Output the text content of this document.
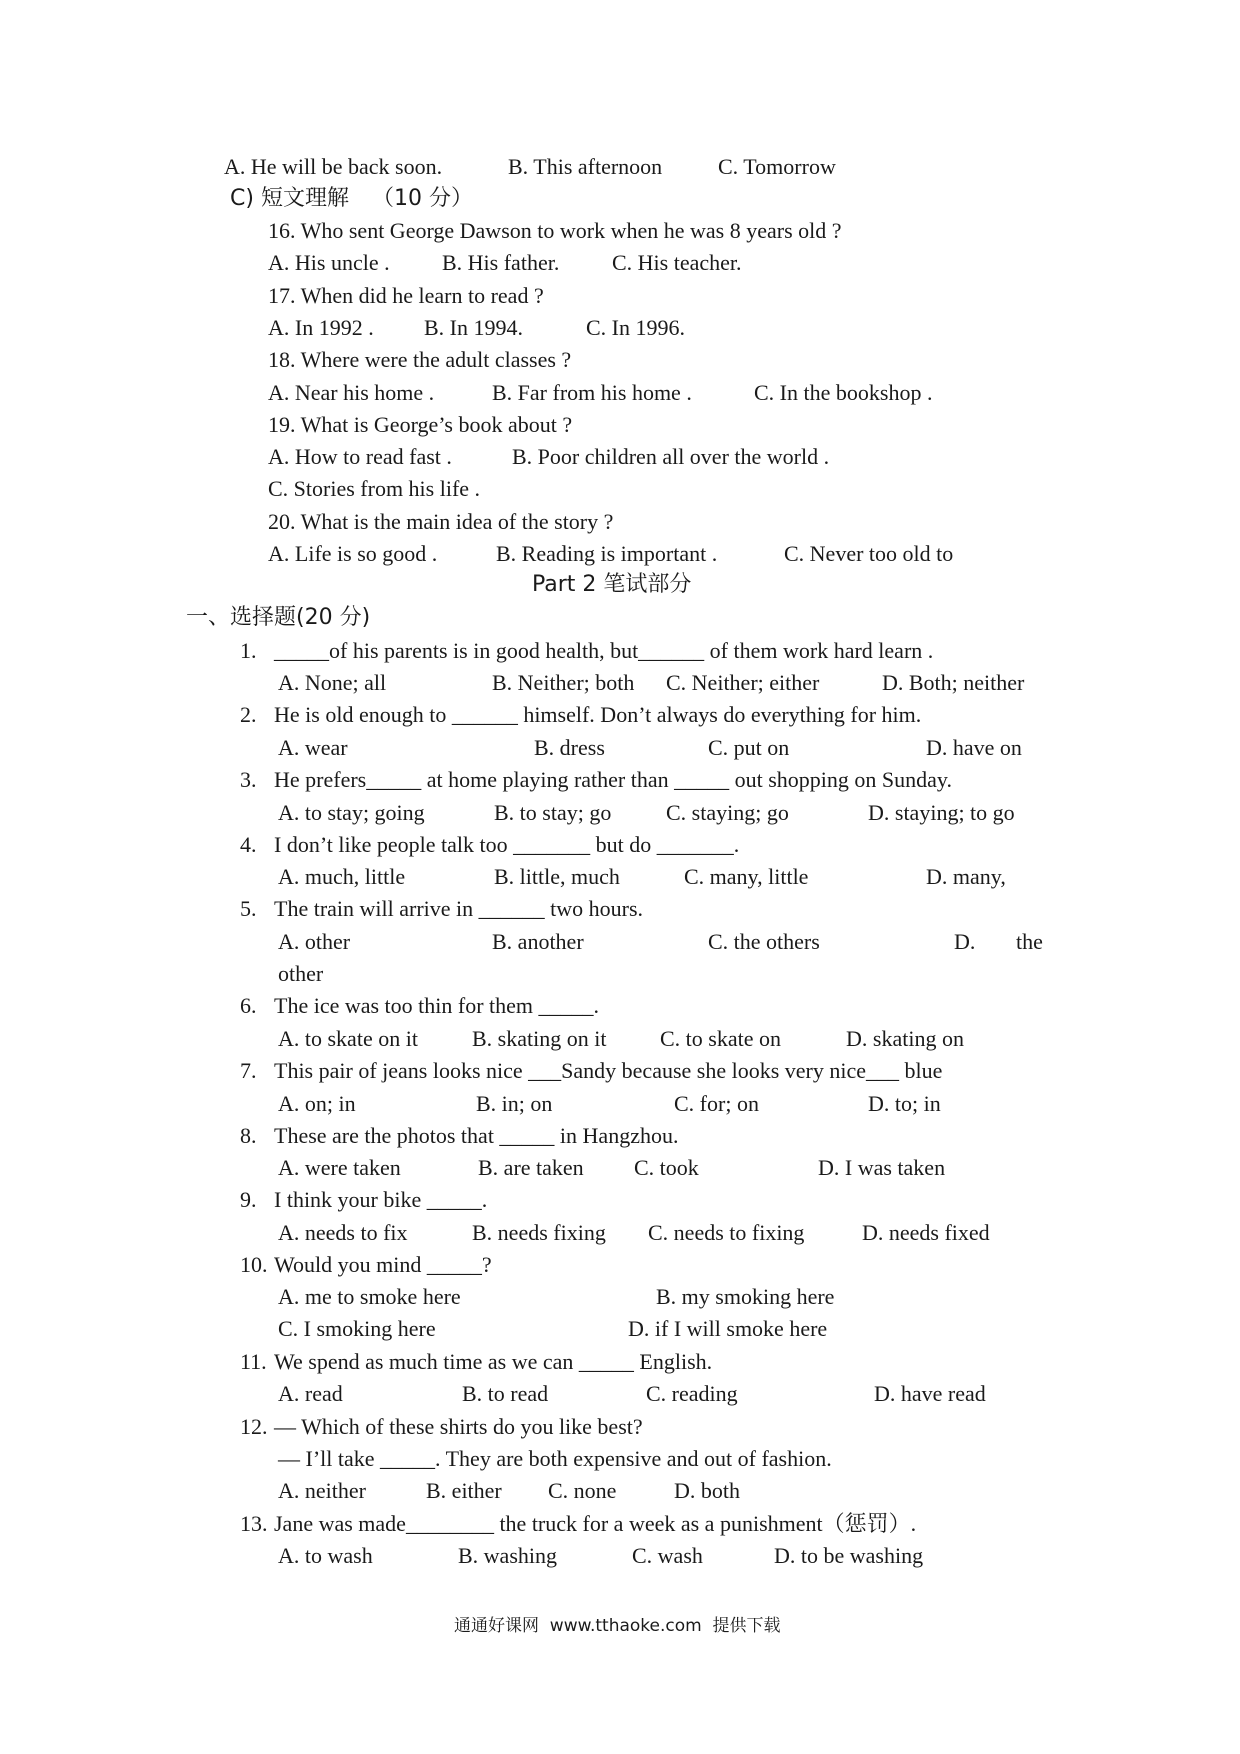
A. He will be back soon.	B. This afternoon	C. Tomorrow
C) 短文理解 （10 分）
16. Who sent George Dawson to work when he was 8 years old ?
A. His uncle . B. His father. C. His teacher.
17. When did he learn to read ?
A. In 1992 . B. In 1994.	C. In 1996.
18. Where were the adult classes ?
A. Near his home .	B. Far from his home .	C. In the bookshop .
19. What is George’s book about ?
A. How to read fast .	B. Poor children all over the world .
C. Stories from his life .
20. What is the main idea of the story ?
A. Life is so good .	B. Reading is important .	C. Never too old to
Part 2 笔试部分
一、选择题(20 分)
1. _____of his parents is in good health, but______ of them work hard learn .
A. None; all	B. Neither; both C. Neither; either	D. Both; neither
2. He is old enough to ______ himself. Don’t always do everything for him.
A. wear	B. dress	C. put on	D. have on
3. He prefers_____ at home playing rather than _____ out shopping on Sunday.
A. to stay; going	B. to stay; go C. staying; go	D. staying; to go
4. I don’t like people talk too _______ but do _______.
A. much, little	B. little, much	C. many, little	D. many,
5. The train will arrive in ______ two hours.
A. other	B. another	C. the others	D. the
other
6. The ice was too thin for them _____.
A. to skate on it B. skating on it C. to skate on	D. skating on
7. This pair of jeans looks nice ___Sandy because she looks very nice___ blue
A. on; in	B. in; on	C. for; on	D. to; in
8. These are the photos that _____ in Hangzhou.
A. were taken	B. are taken C. took	D. I was taken
9. I think your bike _____.
A. needs to fix	B. needs fixing C. needs to fixing	D. needs fixed
10. Would you mind _____?
A. me to smoke here	B. my smoking here
C. I smoking here	D. if I will smoke here
11. We spend as much time as we can _____ English.
A. read	B. to read	C. reading	D. have read
12. — Which of these shirts do you like best?
— I’ll take _____. They are both expensive and out of fashion.
A. neither	B. either C. none	D. both
13. Jane was made________ the truck for a week as a punishment（惩罚）.
A. to wash	B. washing	C. wash	D. to be washing
通通好课网  www.tthaoke.com  提供下载
